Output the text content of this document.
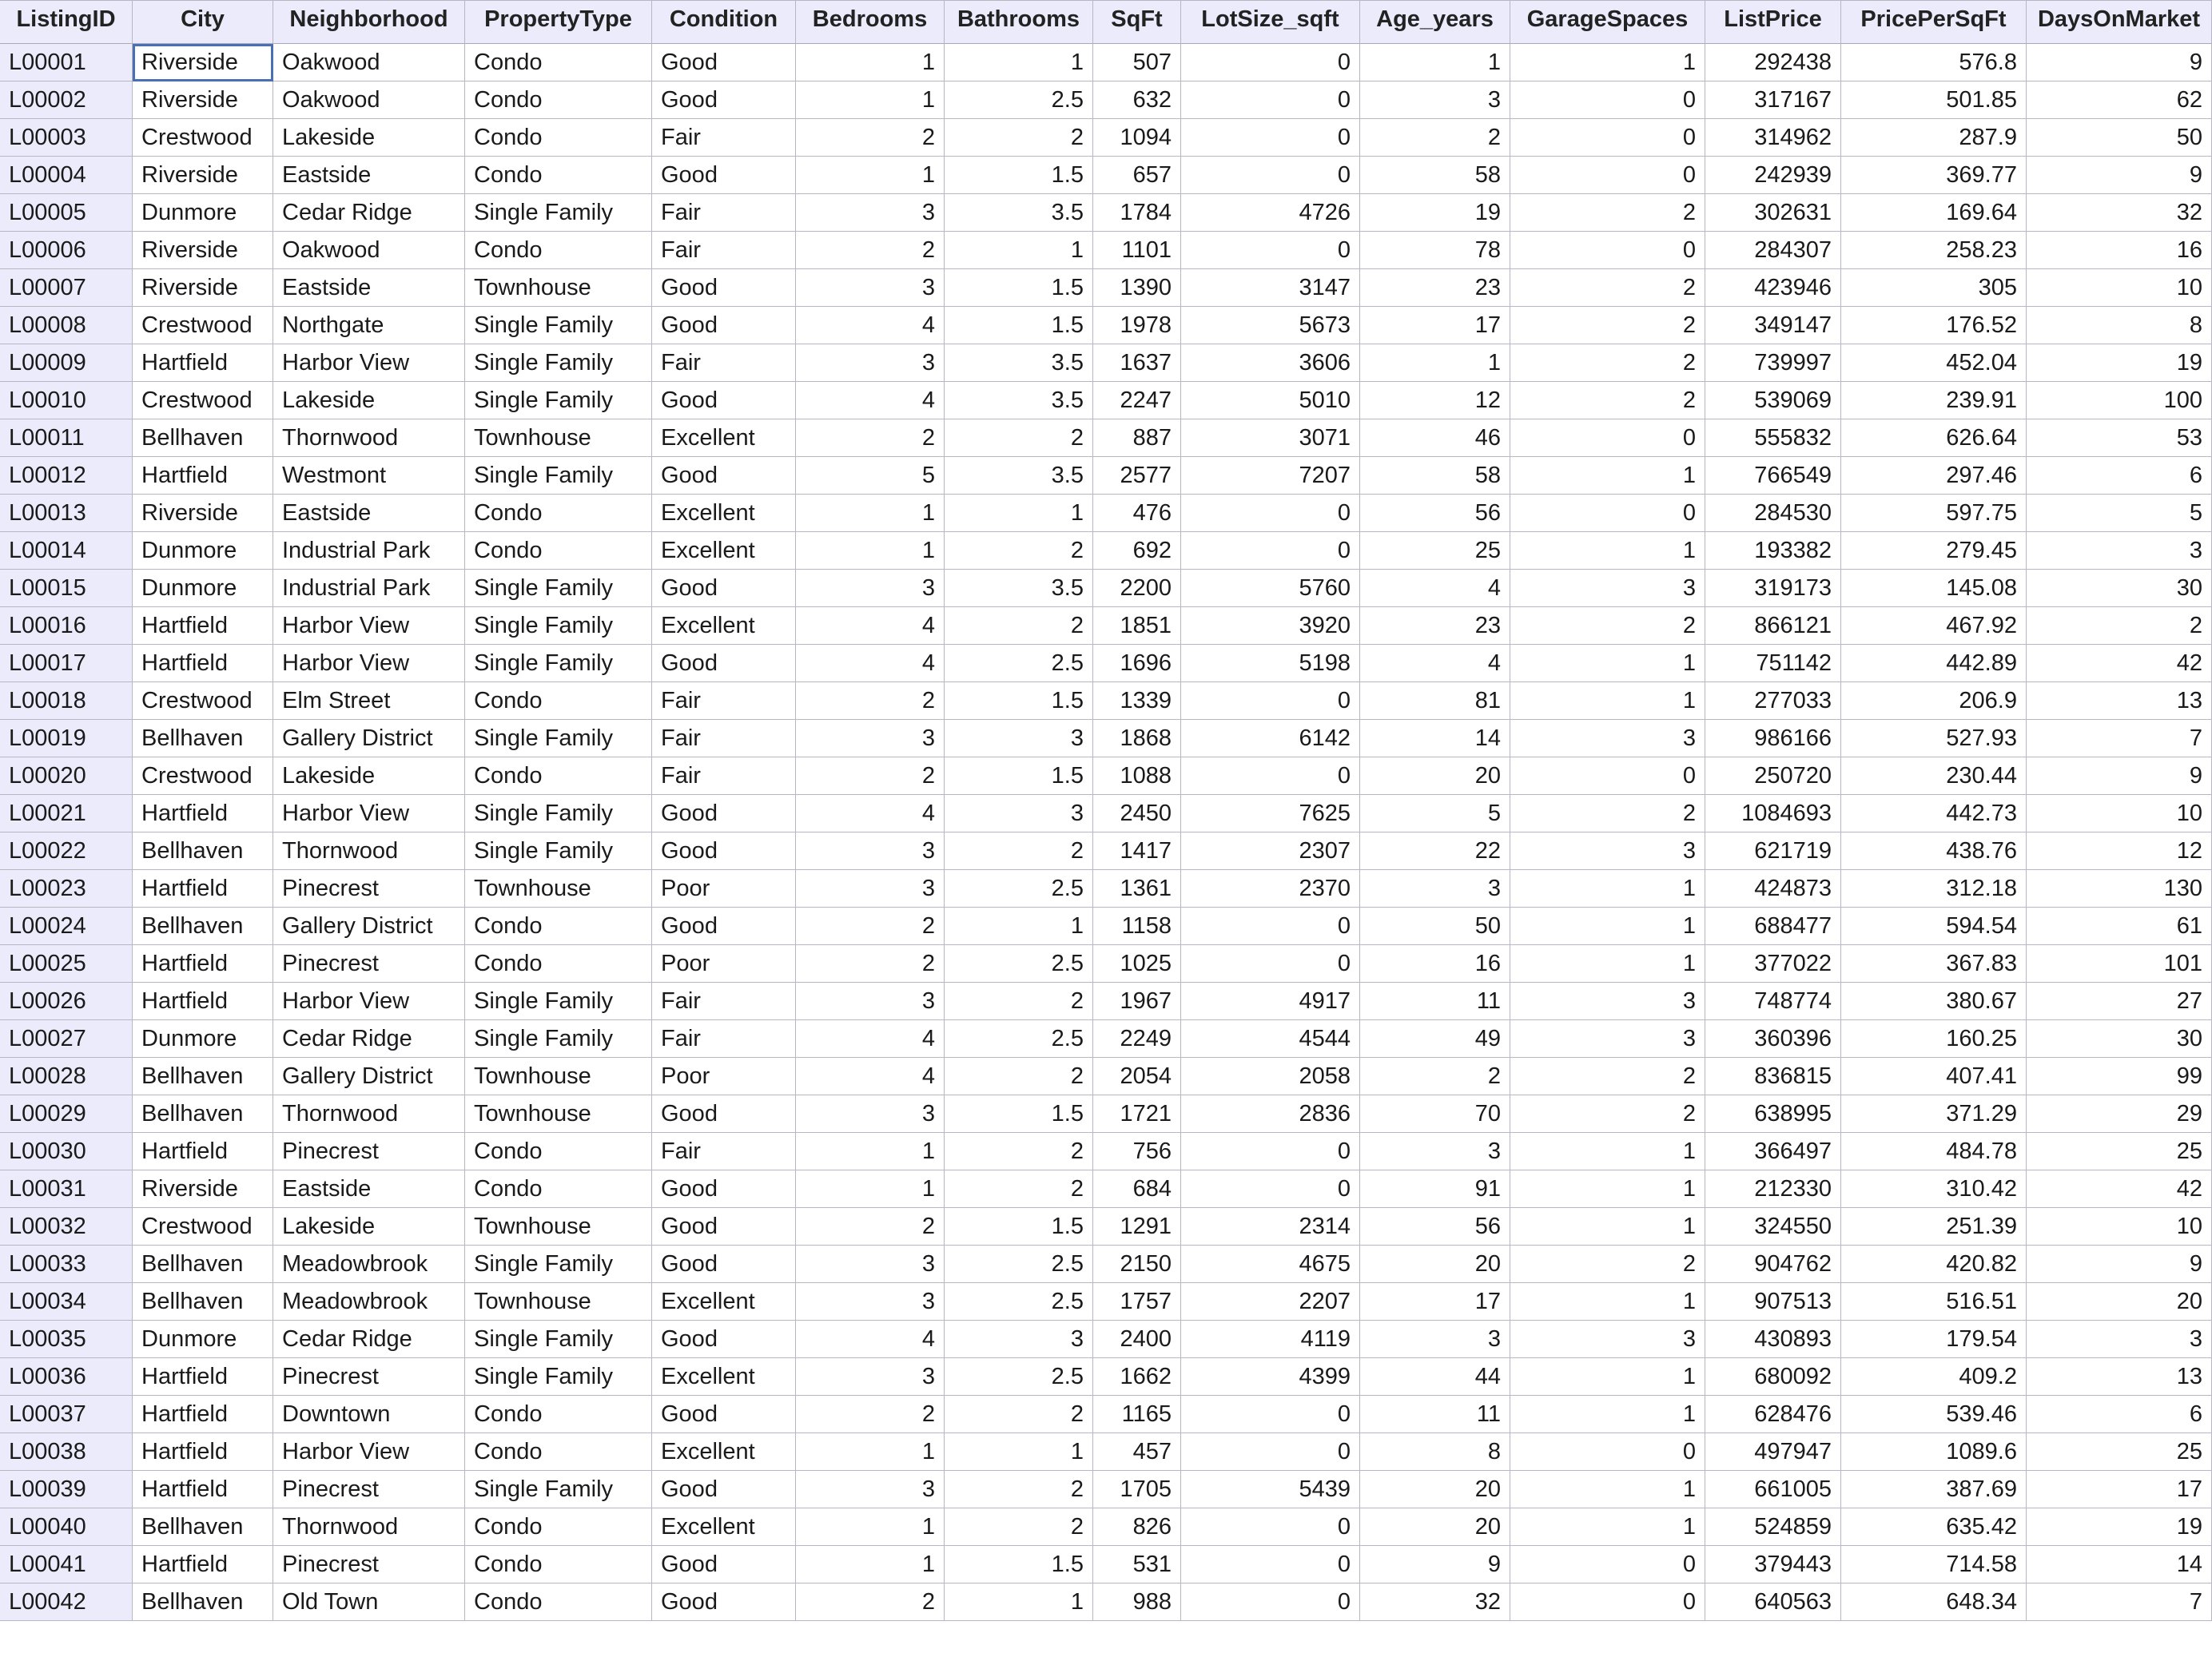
ListingID	City	Neighborhood	PropertyType	Condition	Bedrooms	Bathrooms	SqFt	LotSize_sqft	Age_years	GarageSpaces	ListPrice	PricePerSqFt	DaysOnMarket
L00001	Riverside	Oakwood	Condo	Good	1	1	507	0	1	1	292438	576.8	9
L00002	Riverside	Oakwood	Condo	Good	1	2.5	632	0	3	0	317167	501.85	62
L00003	Crestwood	Lakeside	Condo	Fair	2	2	1094	0	2	0	314962	287.9	50
L00004	Riverside	Eastside	Condo	Good	1	1.5	657	0	58	0	242939	369.77	9
L00005	Dunmore	Cedar Ridge	Single Family	Fair	3	3.5	1784	4726	19	2	302631	169.64	32
L00006	Riverside	Oakwood	Condo	Fair	2	1	1101	0	78	0	284307	258.23	16
L00007	Riverside	Eastside	Townhouse	Good	3	1.5	1390	3147	23	2	423946	305	10
L00008	Crestwood	Northgate	Single Family	Good	4	1.5	1978	5673	17	2	349147	176.52	8
L00009	Hartfield	Harbor View	Single Family	Fair	3	3.5	1637	3606	1	2	739997	452.04	19
L00010	Crestwood	Lakeside	Single Family	Good	4	3.5	2247	5010	12	2	539069	239.91	100
L00011	Bellhaven	Thornwood	Townhouse	Excellent	2	2	887	3071	46	0	555832	626.64	53
L00012	Hartfield	Westmont	Single Family	Good	5	3.5	2577	7207	58	1	766549	297.46	6
L00013	Riverside	Eastside	Condo	Excellent	1	1	476	0	56	0	284530	597.75	5
L00014	Dunmore	Industrial Park	Condo	Excellent	1	2	692	0	25	1	193382	279.45	3
L00015	Dunmore	Industrial Park	Single Family	Good	3	3.5	2200	5760	4	3	319173	145.08	30
L00016	Hartfield	Harbor View	Single Family	Excellent	4	2	1851	3920	23	2	866121	467.92	2
L00017	Hartfield	Harbor View	Single Family	Good	4	2.5	1696	5198	4	1	751142	442.89	42
L00018	Crestwood	Elm Street	Condo	Fair	2	1.5	1339	0	81	1	277033	206.9	13
L00019	Bellhaven	Gallery District	Single Family	Fair	3	3	1868	6142	14	3	986166	527.93	7
L00020	Crestwood	Lakeside	Condo	Fair	2	1.5	1088	0	20	0	250720	230.44	9
L00021	Hartfield	Harbor View	Single Family	Good	4	3	2450	7625	5	2	1084693	442.73	10
L00022	Bellhaven	Thornwood	Single Family	Good	3	2	1417	2307	22	3	621719	438.76	12
L00023	Hartfield	Pinecrest	Townhouse	Poor	3	2.5	1361	2370	3	1	424873	312.18	130
L00024	Bellhaven	Gallery District	Condo	Good	2	1	1158	0	50	1	688477	594.54	61
L00025	Hartfield	Pinecrest	Condo	Poor	2	2.5	1025	0	16	1	377022	367.83	101
L00026	Hartfield	Harbor View	Single Family	Fair	3	2	1967	4917	11	3	748774	380.67	27
L00027	Dunmore	Cedar Ridge	Single Family	Fair	4	2.5	2249	4544	49	3	360396	160.25	30
L00028	Bellhaven	Gallery District	Townhouse	Poor	4	2	2054	2058	2	2	836815	407.41	99
L00029	Bellhaven	Thornwood	Townhouse	Good	3	1.5	1721	2836	70	2	638995	371.29	29
L00030	Hartfield	Pinecrest	Condo	Fair	1	2	756	0	3	1	366497	484.78	25
L00031	Riverside	Eastside	Condo	Good	1	2	684	0	91	1	212330	310.42	42
L00032	Crestwood	Lakeside	Townhouse	Good	2	1.5	1291	2314	56	1	324550	251.39	10
L00033	Bellhaven	Meadowbrook	Single Family	Good	3	2.5	2150	4675	20	2	904762	420.82	9
L00034	Bellhaven	Meadowbrook	Townhouse	Excellent	3	2.5	1757	2207	17	1	907513	516.51	20
L00035	Dunmore	Cedar Ridge	Single Family	Good	4	3	2400	4119	3	3	430893	179.54	3
L00036	Hartfield	Pinecrest	Single Family	Excellent	3	2.5	1662	4399	44	1	680092	409.2	13
L00037	Hartfield	Downtown	Condo	Good	2	2	1165	0	11	1	628476	539.46	6
L00038	Hartfield	Harbor View	Condo	Excellent	1	1	457	0	8	0	497947	1089.6	25
L00039	Hartfield	Pinecrest	Single Family	Good	3	2	1705	5439	20	1	661005	387.69	17
L00040	Bellhaven	Thornwood	Condo	Excellent	1	2	826	0	20	1	524859	635.42	19
L00041	Hartfield	Pinecrest	Condo	Good	1	1.5	531	0	9	0	379443	714.58	14
L00042	Bellhaven	Old Town	Condo	Good	2	1	988	0	32	0	640563	648.34	7
